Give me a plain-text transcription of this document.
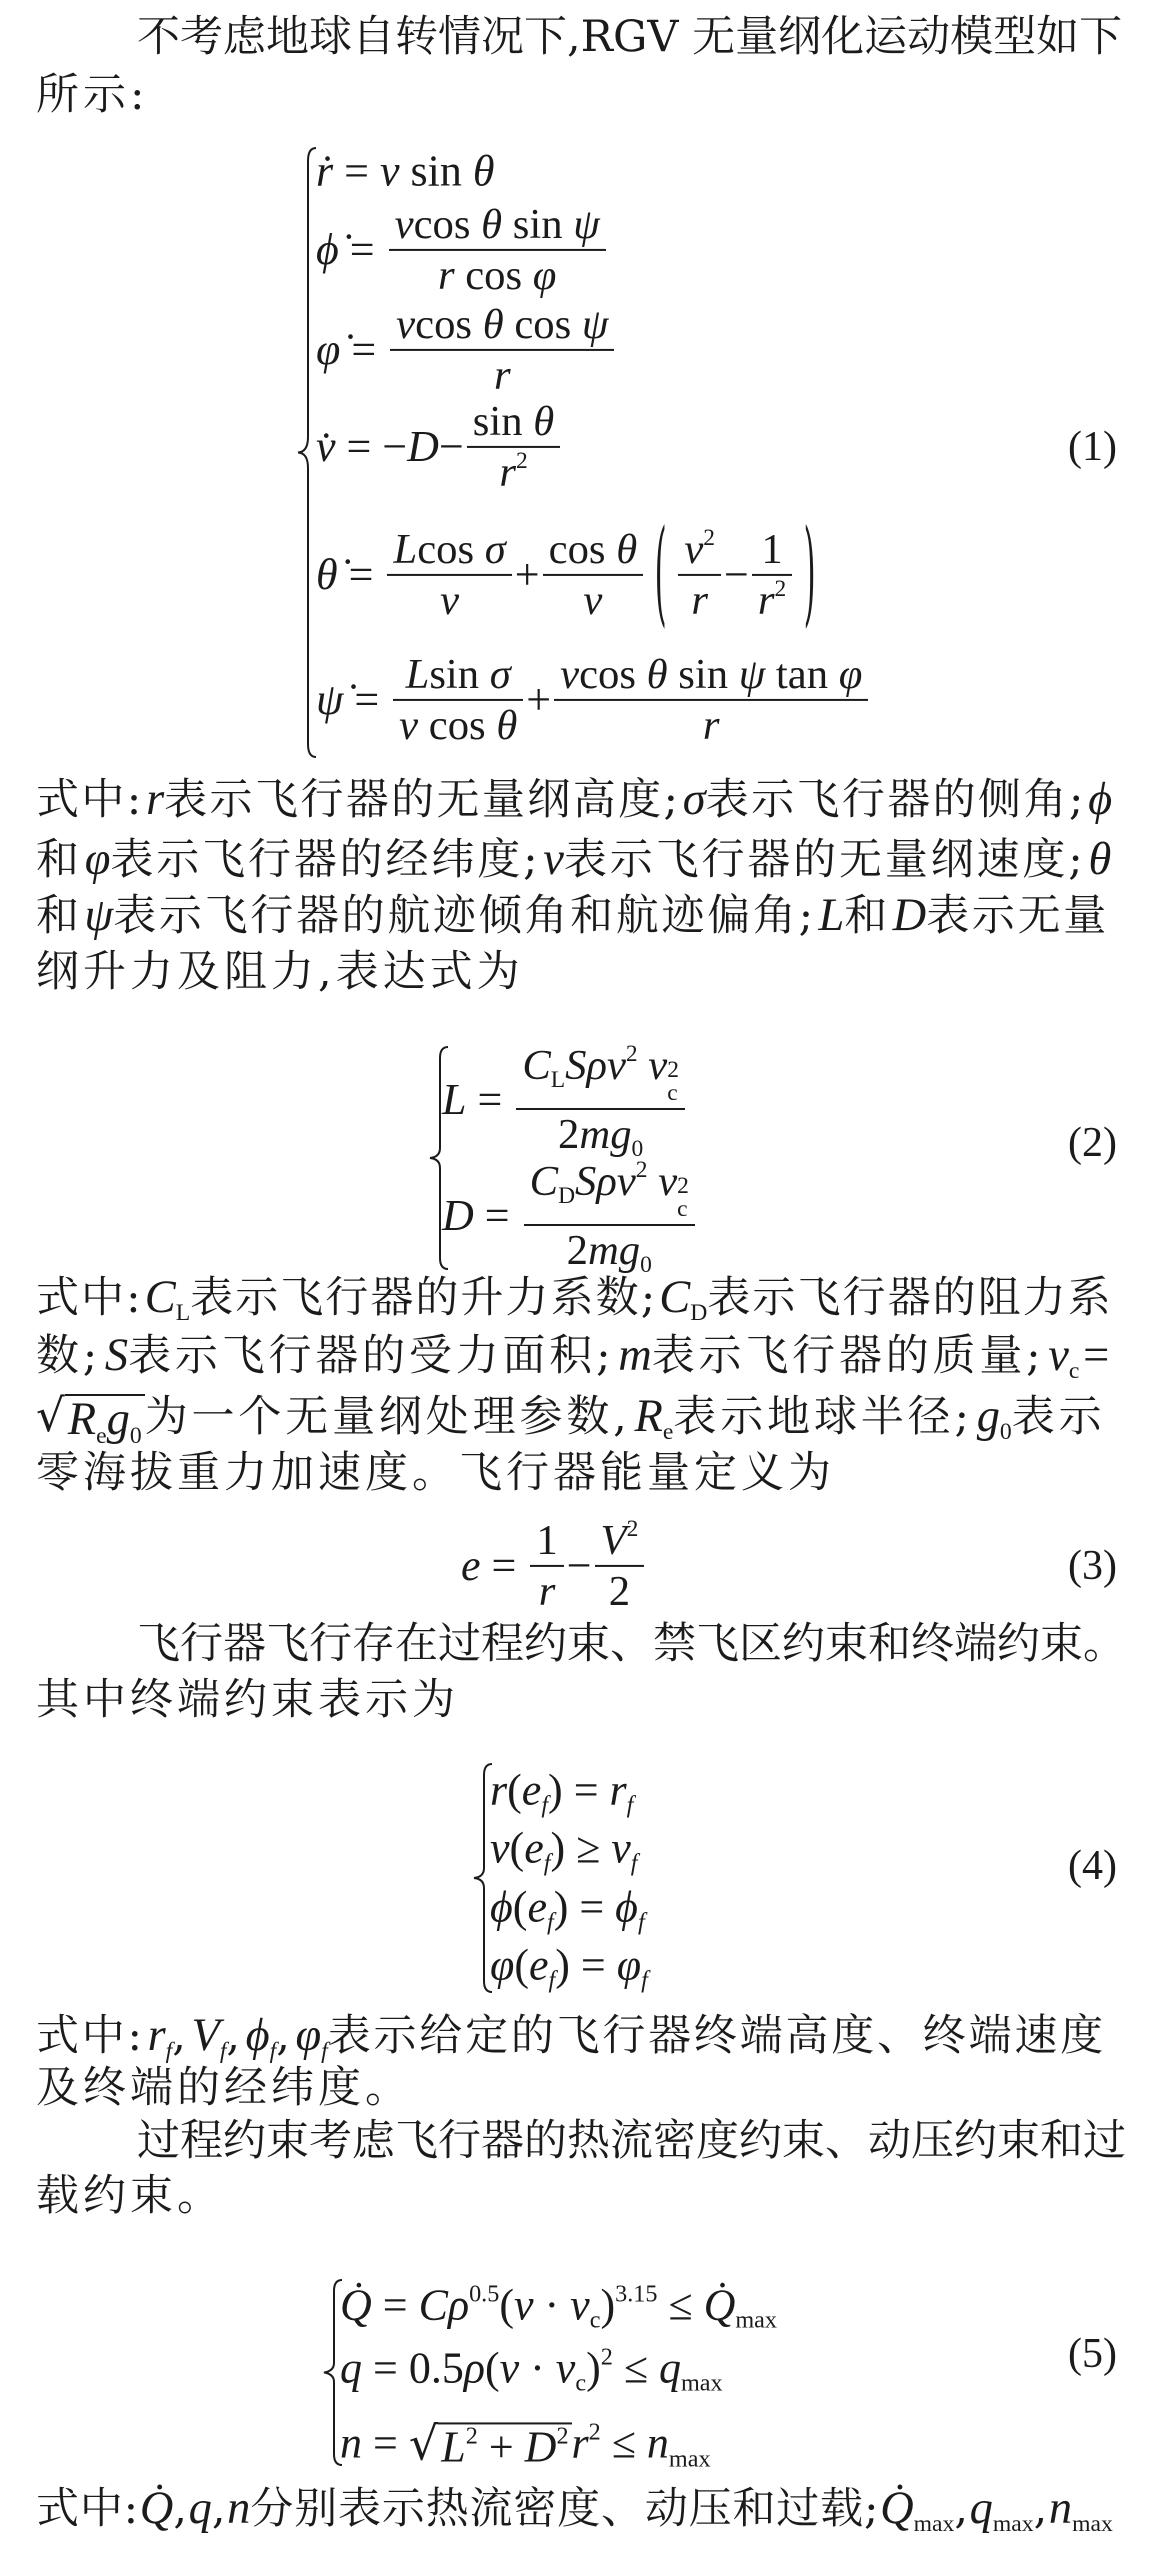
不考虑地球自转情况下,RGV 无量纲化运动模型如下
所示:
式中: r 表示飞行器的无量纲高度; σ 表示飞行器的侧角; ϕ
和 φ 表示飞行器的经纬度; v 表示飞行器的无量纲速度; θ
和 ψ 表示飞行器的航迹倾角和航迹偏角; L 和 D 表示无量
纲升力及阻力,表达式为
式中: C L 表示飞行器的升力系数; C D 表示飞行器的阻力系
数; S 表示飞行器的受力面积; m 表示飞行器的质量; v c =
√ R e g 0 为一个无量纲处理参数, R e 表示地球半径; g 0 表示
零海拔重力加速度。飞行器能量定义为
飞行器飞行存在过程约束、禁飞区约束和终端约束。
其中终端约束表示为
式中: r f , V f , ϕ f , φ f 表示给定的飞行器终端高度、终端速度
及终端的经纬度。
过程约束考虑飞行器的热流密度约束、动压约束和过
载约束。
式中: Q̇ , q , n 分别表示热流密度、动压和过载; Q̇ max , q max , n max
ṙ = v sin θ
ϕ̇ = $\frac{\text{v cos θ sin ψ}}{\text{r cos φ}}$
φ̇ = $\frac{\text{v cos θ cos ψ}}{r}$
v̇ = − $D - \frac{\text{sin θ}}{r 2}$
θ̇ = $\frac{\text{L cos σ}}{v} + \frac{\text{cos θ}}{v}$ ( $\frac{v 2}{r} - \frac{1}{r 2}$ )
ψ̇ = $\frac{\text{L sin σ}}{\text{v cos θ}} + \frac{\text{v cos θ sin ψ tan φ}}{r}$
(1)
L = C L Sρv 2
v 2
c
2 m g 0
D = C D Sρv 2
v 2
c
2 m g 0
(2)
$e = \frac{1}{r} - \frac{V 2}{2}$	(3)
r ( e f ) = r f
v ( e f ) ≥ v f
ϕ ( e f ) = ϕ f
φ ( e f ) = φ f
(4)
Q̇ = Cρ 0.5 ( v · v c ) 3.15 ≤ Q̇ max
q = 0.5 ρ ( v · v c ) 2 ≤ q max
n = √ L 2 + D 2 r 2 ≤ n max
(5)
